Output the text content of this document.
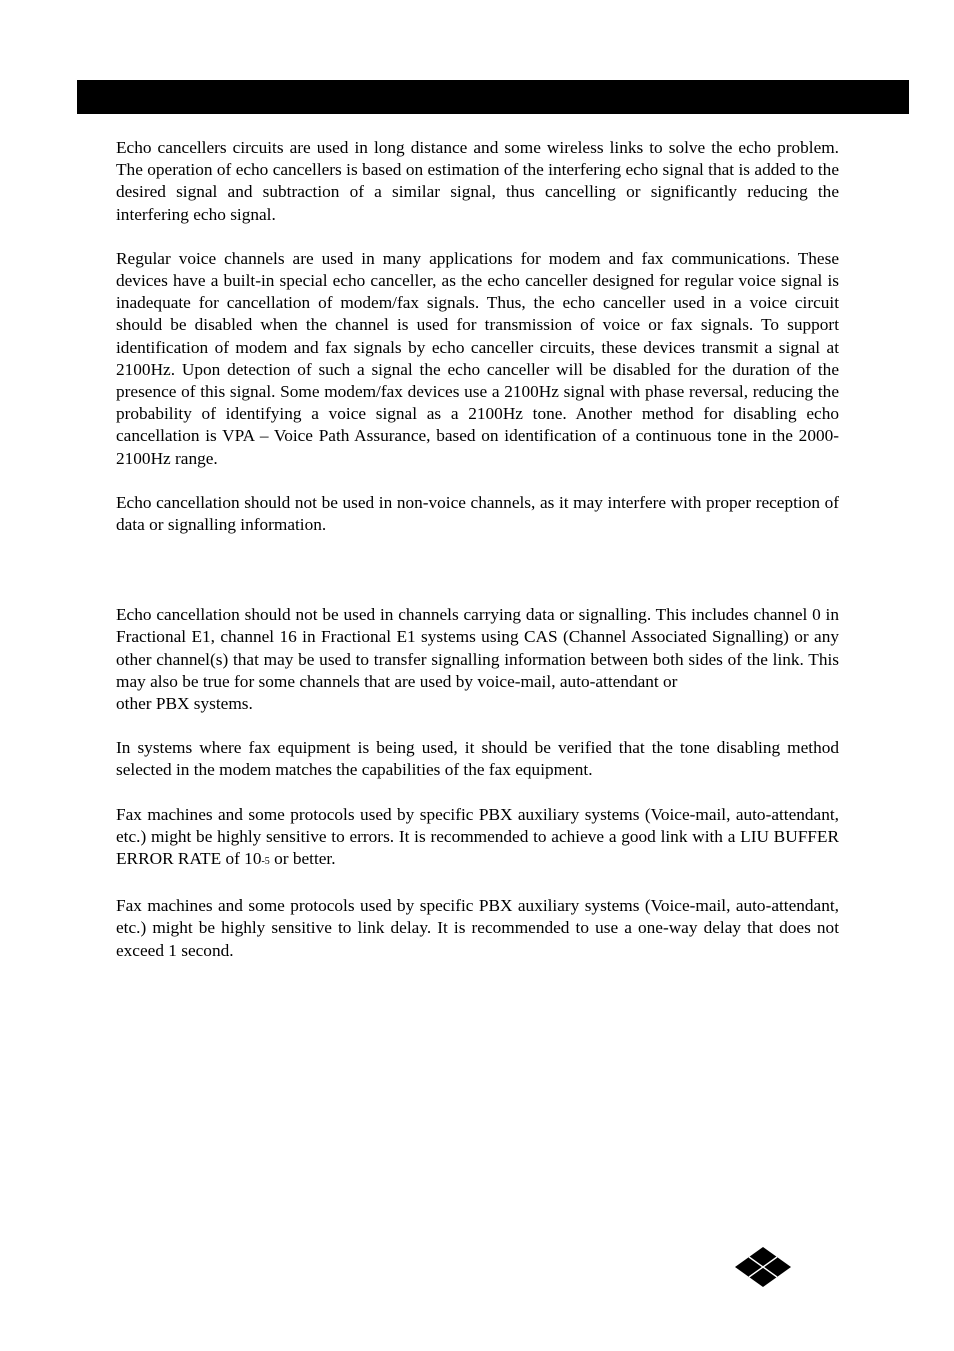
Echo cancellers circuits are used in long distance and some wireless links to solve the echo problem. The operation of echo cancellers is based on estimation of the interfering echo signal that is added to the desired signal and subtraction of a similar signal, thus cancelling or significantly reducing the interfering echo signal.

Regular voice channels are used in many applications for modem and fax communications. These devices have a built-in special echo canceller, as the echo canceller designed for regular voice signal is inadequate for cancellation of modem/fax signals. Thus, the echo canceller used in a voice circuit should be disabled when the channel is used for transmission of voice or fax signals. To support identification of modem and fax signals by echo canceller circuits, these devices transmit a signal at 2100Hz. Upon detection of such a signal the echo canceller will be disabled for the duration of the presence of this signal. Some modem/fax devices use a 2100Hz signal with phase reversal, reducing the probability of identifying a voice signal as a 2100Hz tone. Another method for disabling echo cancellation is VPA – Voice Path Assurance, based on identification of a continuous tone in the 2000-2100Hz range.

Echo cancellation should not be used in non-voice channels, as it may interfere with proper reception of data or signalling information.

Echo cancellation should not be used in channels carrying data or signalling. This includes channel 0 in Fractional E1, channel 16 in Fractional E1 systems using CAS (Channel Associated Signalling) or any other channel(s) that may be used to transfer signalling information between both sides of the link. This may also be true for some channels that are used by voice-mail, auto-attendant or
other PBX systems.

In systems where fax equipment is being used, it should be verified that the tone disabling method selected in the modem matches the capabilities of the fax equipment.

Fax machines and some protocols used by specific PBX auxiliary systems (Voice-mail, auto-attendant, etc.) might be highly sensitive to errors. It is recommended to achieve a good link with a LIU BUFFER ERROR RATE of 10-5 or better.

Fax machines and some protocols used by specific PBX auxiliary systems (Voice-mail, auto-attendant, etc.) might be highly sensitive to link delay. It is recommended to use a one-way delay that does not exceed 1 second.
